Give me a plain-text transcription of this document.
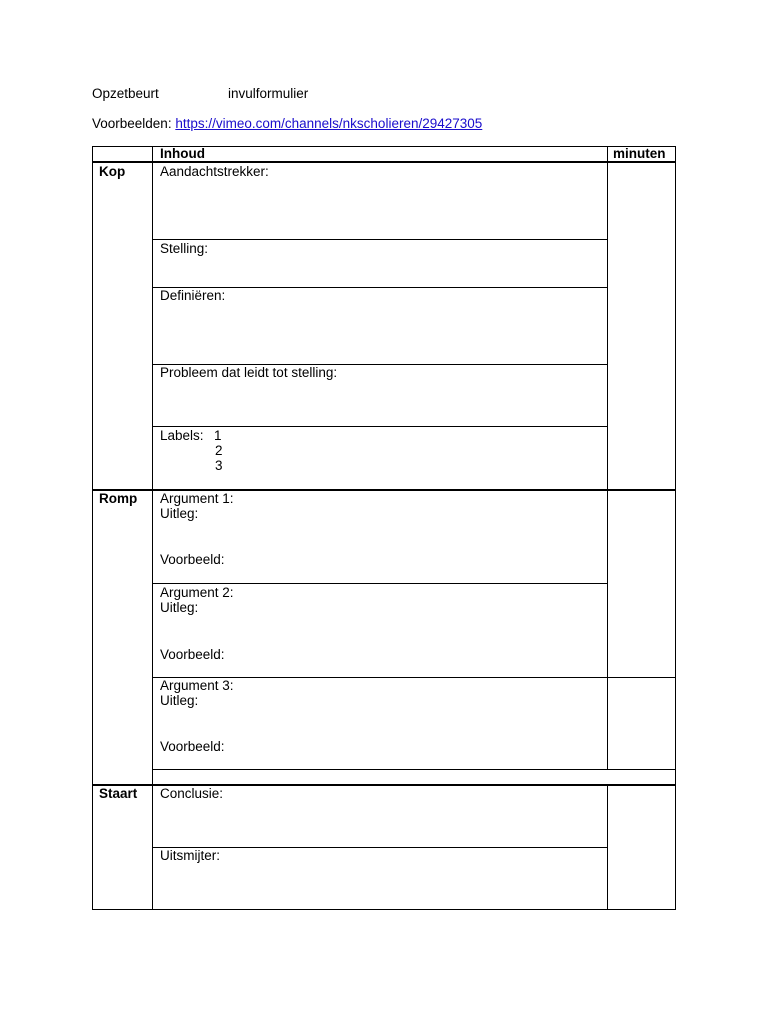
Opzetbeurt	invulformulier
Voorbeelden: https://vimeo.com/channels/nkscholieren/29427305
Inhoud	minuten
Kop
Romp
Staart
Aandachtstrekker:
Stelling:
Definiëren:
Probleem dat leidt tot stelling:
Labels: 1
2
3
Argument 1:
Uitleg:
Voorbeeld:
Argument 2:
Uitleg:
Voorbeeld:
Argument 3:
Uitleg:
Voorbeeld:
Conclusie:
Uitsmijter:
